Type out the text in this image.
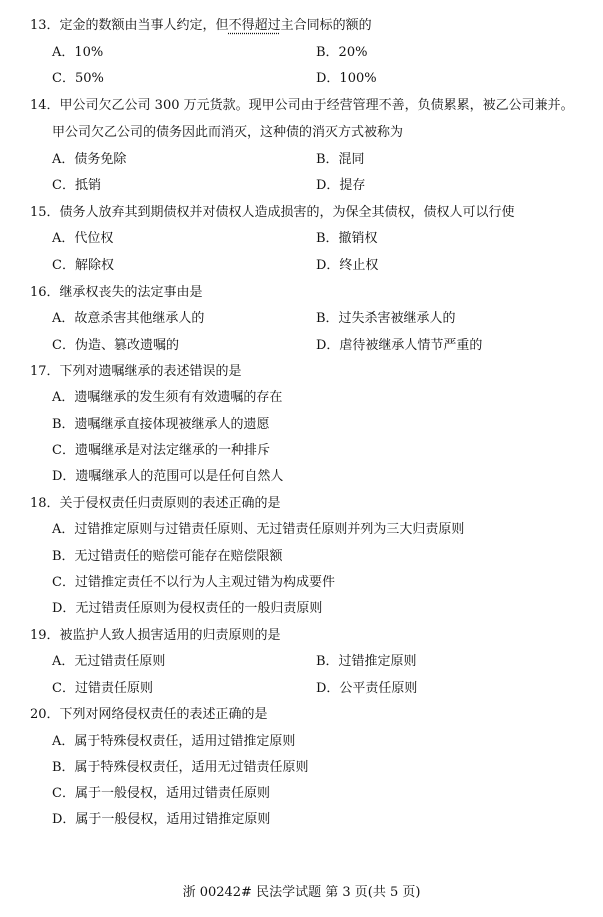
13．定金的数额由当事人约定，但不得超过主合同标的额的
A．10%	B．20%
C．50%	D．100%
14．甲公司欠乙公司 300 万元货款。现甲公司由于经营管理不善，负债累累，被乙公司兼并。
甲公司欠乙公司的债务因此而消灭，这种债的消灭方式被称为
A．债务免除	B．混同
C．抵销	D．提存
15．债务人放弃其到期债权并对债权人造成损害的，为保全其债权，债权人可以行使
A．代位权	B．撤销权
C．解除权	D．终止权
16．继承权丧失的法定事由是
A．故意杀害其他继承人的	B．过失杀害被继承人的
C．伪造、篡改遗嘱的	D．虐待被继承人情节严重的
17．下列对遗嘱继承的表述错误的是
A．遗嘱继承的发生须有有效遗嘱的存在
B．遗嘱继承直接体现被继承人的遗愿
C．遗嘱继承是对法定继承的一种排斥
D．遗嘱继承人的范围可以是任何自然人
18．关于侵权责任归责原则的表述正确的是
A．过错推定原则与过错责任原则、无过错责任原则并列为三大归责原则
B．无过错责任的赔偿可能存在赔偿限额
C．过错推定责任不以行为人主观过错为构成要件
D．无过错责任原则为侵权责任的一般归责原则
19．被监护人致人损害适用的归责原则的是
A．无过错责任原则	B．过错推定原则
C．过错责任原则	D．公平责任原则
20．下列对网络侵权责任的表述正确的是
A．属于特殊侵权责任，适用过错推定原则
B．属于特殊侵权责任，适用无过错责任原则
C．属于一般侵权，适用过错责任原则
D．属于一般侵权，适用过错推定原则
浙 00242# 民法学试题 第 3 页(共 5 页)
